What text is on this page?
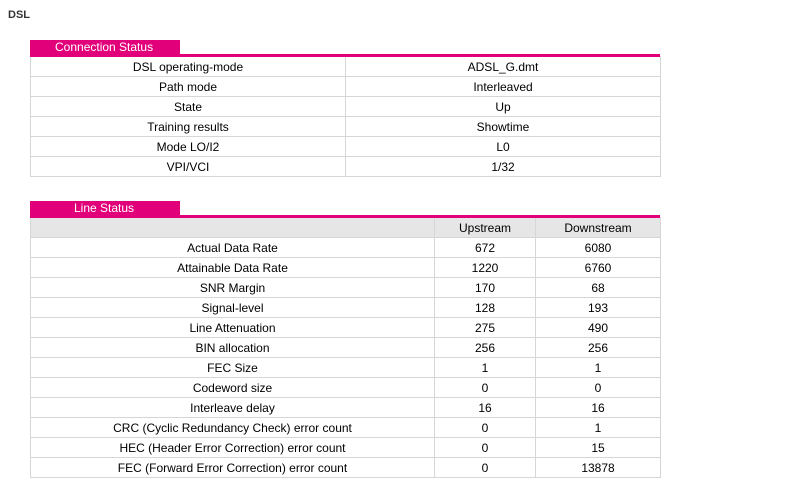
DSL
Connection Status
DSL operating-mode	ADSL_G.dmt
Path mode	Interleaved
State	Up
Training results	Showtime
Mode LO/I2	L0
VPI/VCI	1/32
Line Status
	Upstream	Downstream
Actual Data Rate	672	6080
Attainable Data Rate	1220	6760
SNR Margin	170	68
Signal-level	128	193
Line Attenuation	275	490
BIN allocation	256	256
FEC Size	1	1
Codeword size	0	0
Interleave delay	16	16
CRC (Cyclic Redundancy Check) error count	0	1
HEC (Header Error Correction) error count	0	15
FEC (Forward Error Correction) error count	0	13878
